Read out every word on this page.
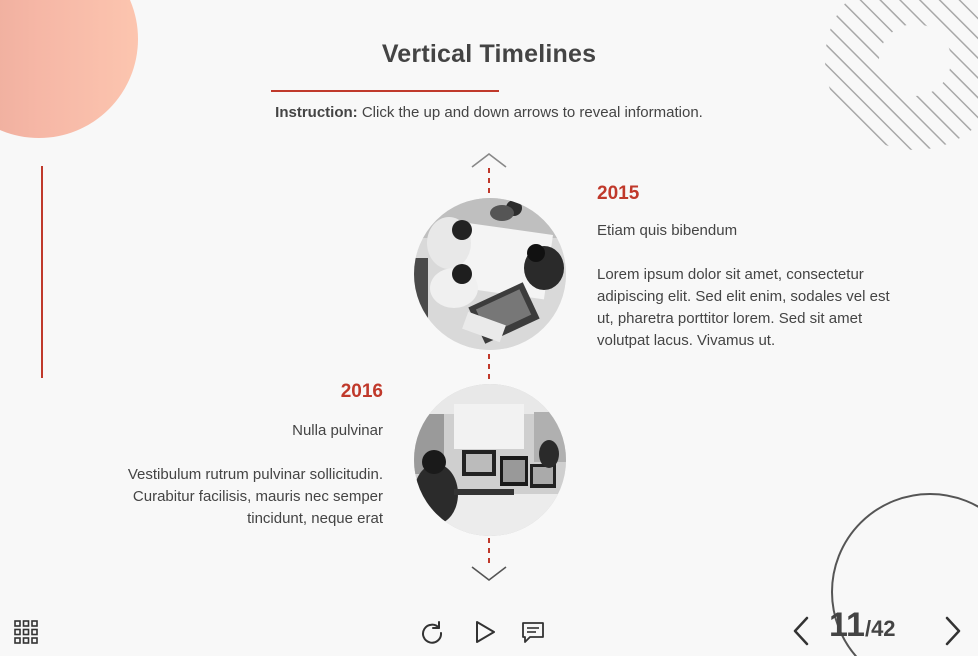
Vertical Timelines
Instruction: Click the up and down arrows to reveal information.
2015
Etiam quis bibendum
Lorem ipsum dolor sit amet, consectetur adipiscing elit. Sed elit enim, sodales vel est ut, pharetra porttitor lorem. Sed sit amet volutpat lacus. Vivamus ut.
2016
Nulla pulvinar
Vestibulum rutrum pulvinar sollicitudin. Curabitur facilisis, mauris nec semper tincidunt, neque erat
11/42
